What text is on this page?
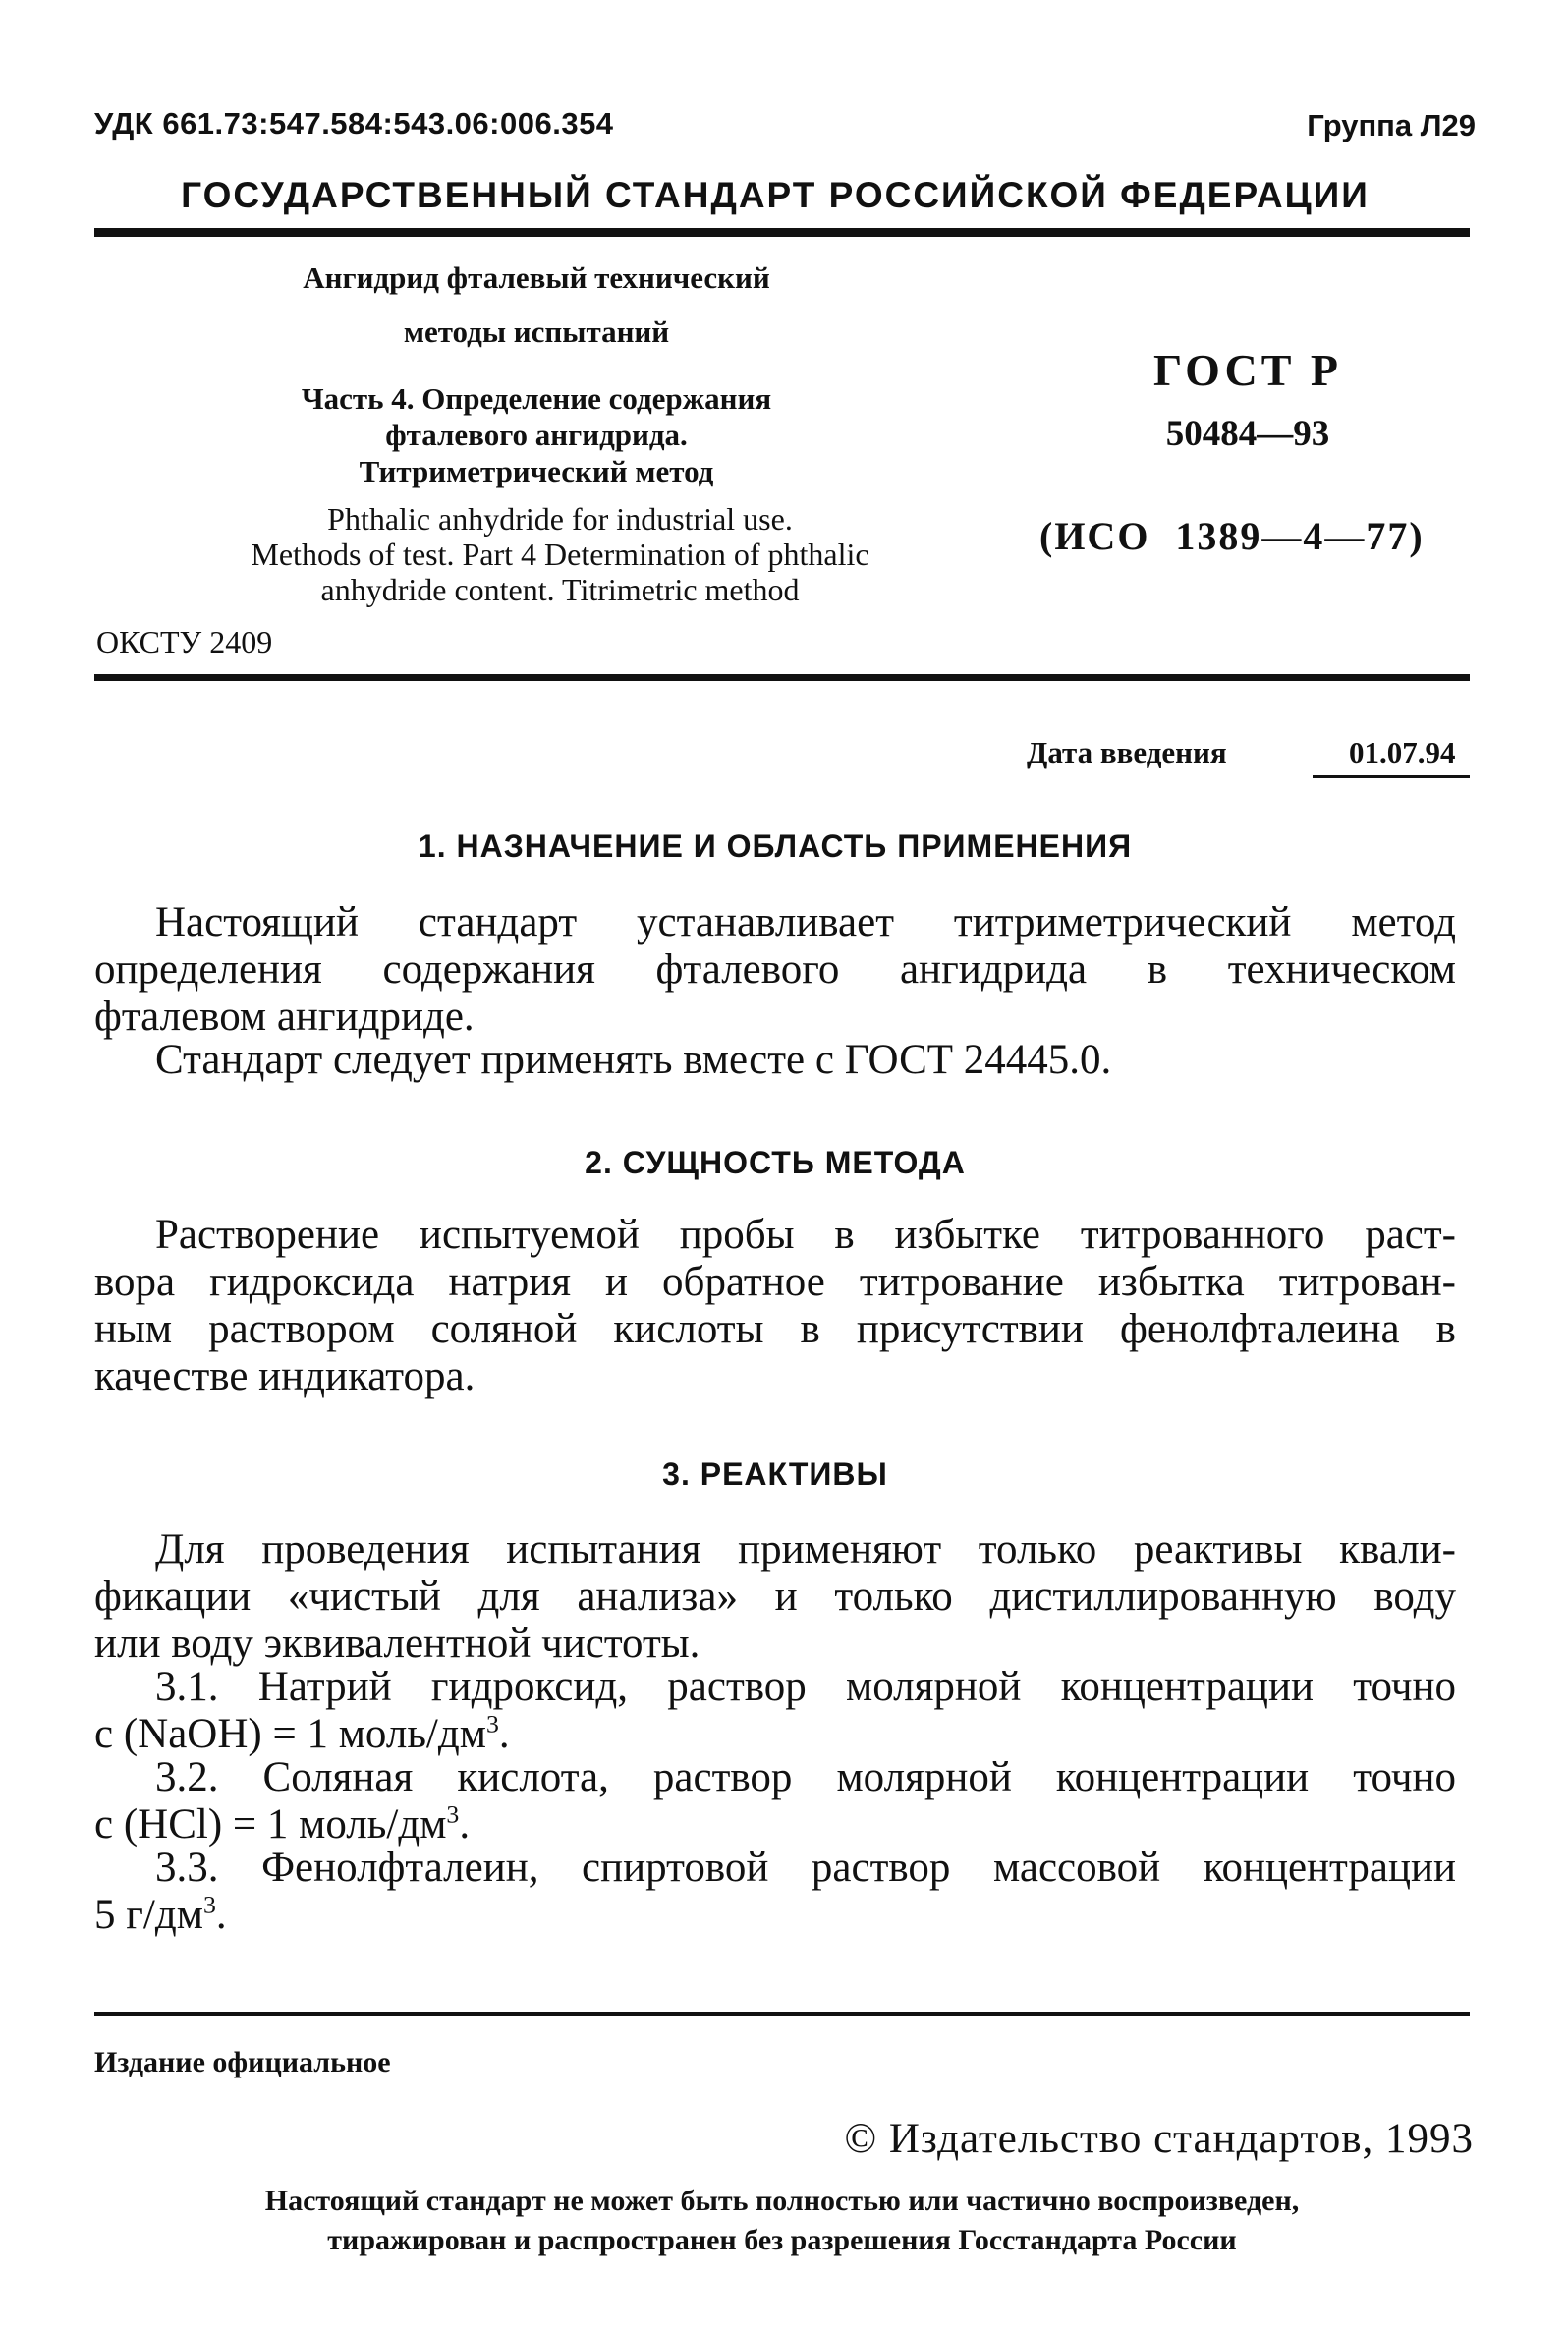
УДК 661.73:547.584:543.06:006.354	Группа Л29
ГОСУДАРСТВЕННЫЙ СТАНДАРТ РОССИЙСКОЙ ФЕДЕРАЦИИ
Ангидрид фталевый технический
методы испытаний
Часть 4. Определение содержания
фталевого ангидрида.
Титриметрический метод
Phthalic anhydride for industrial use.
Methods of test. Part 4 Determination of phthalic
anhydride content. Titrimetric method
ОКСТУ 2409
ГОСТ Р
50484—93
(ИСО 1389—4—77)
Дата введения	01.07.94
1. НАЗНАЧЕНИЕ И ОБЛАСТЬ ПРИМЕНЕНИЯ
Настоящий стандарт устанавливает титриметрический метод
определения содержания фталевого ангидрида в техническом
фталевом ангидриде.
Стандарт следует применять вместе с ГОСТ 24445.0.
2. СУЩНОСТЬ МЕТОДА
Растворение испытуемой пробы в избытке титрованного раст-
вора гидроксида натрия и обратное титрование избытка титрован-
ным раствором соляной кислоты в присутствии фенолфталеина в
качестве индикатора.
3. РЕАКТИВЫ
Для проведения испытания применяют только реактивы квали-
фикации «чистый для анализа» и только дистиллированную воду
или воду эквивалентной чистоты.
3.1. Натрий гидроксид, раствор молярной концентрации точно
с (NaOH) = 1 моль/$дм^3$.
3.2. Соляная кислота, раствор молярной концентрации точно
с (HCl) = 1 моль/$дм^3$.
3.3. Фенолфталеин, спиртовой раствор массовой концентрации
5 $г/дм^3$.
Издание официальное
© Издательство стандартов, 1993
Настоящий стандарт не может быть полностью или частично воспроизведен,
тиражирован и распространен без разрешения Госстандарта России
